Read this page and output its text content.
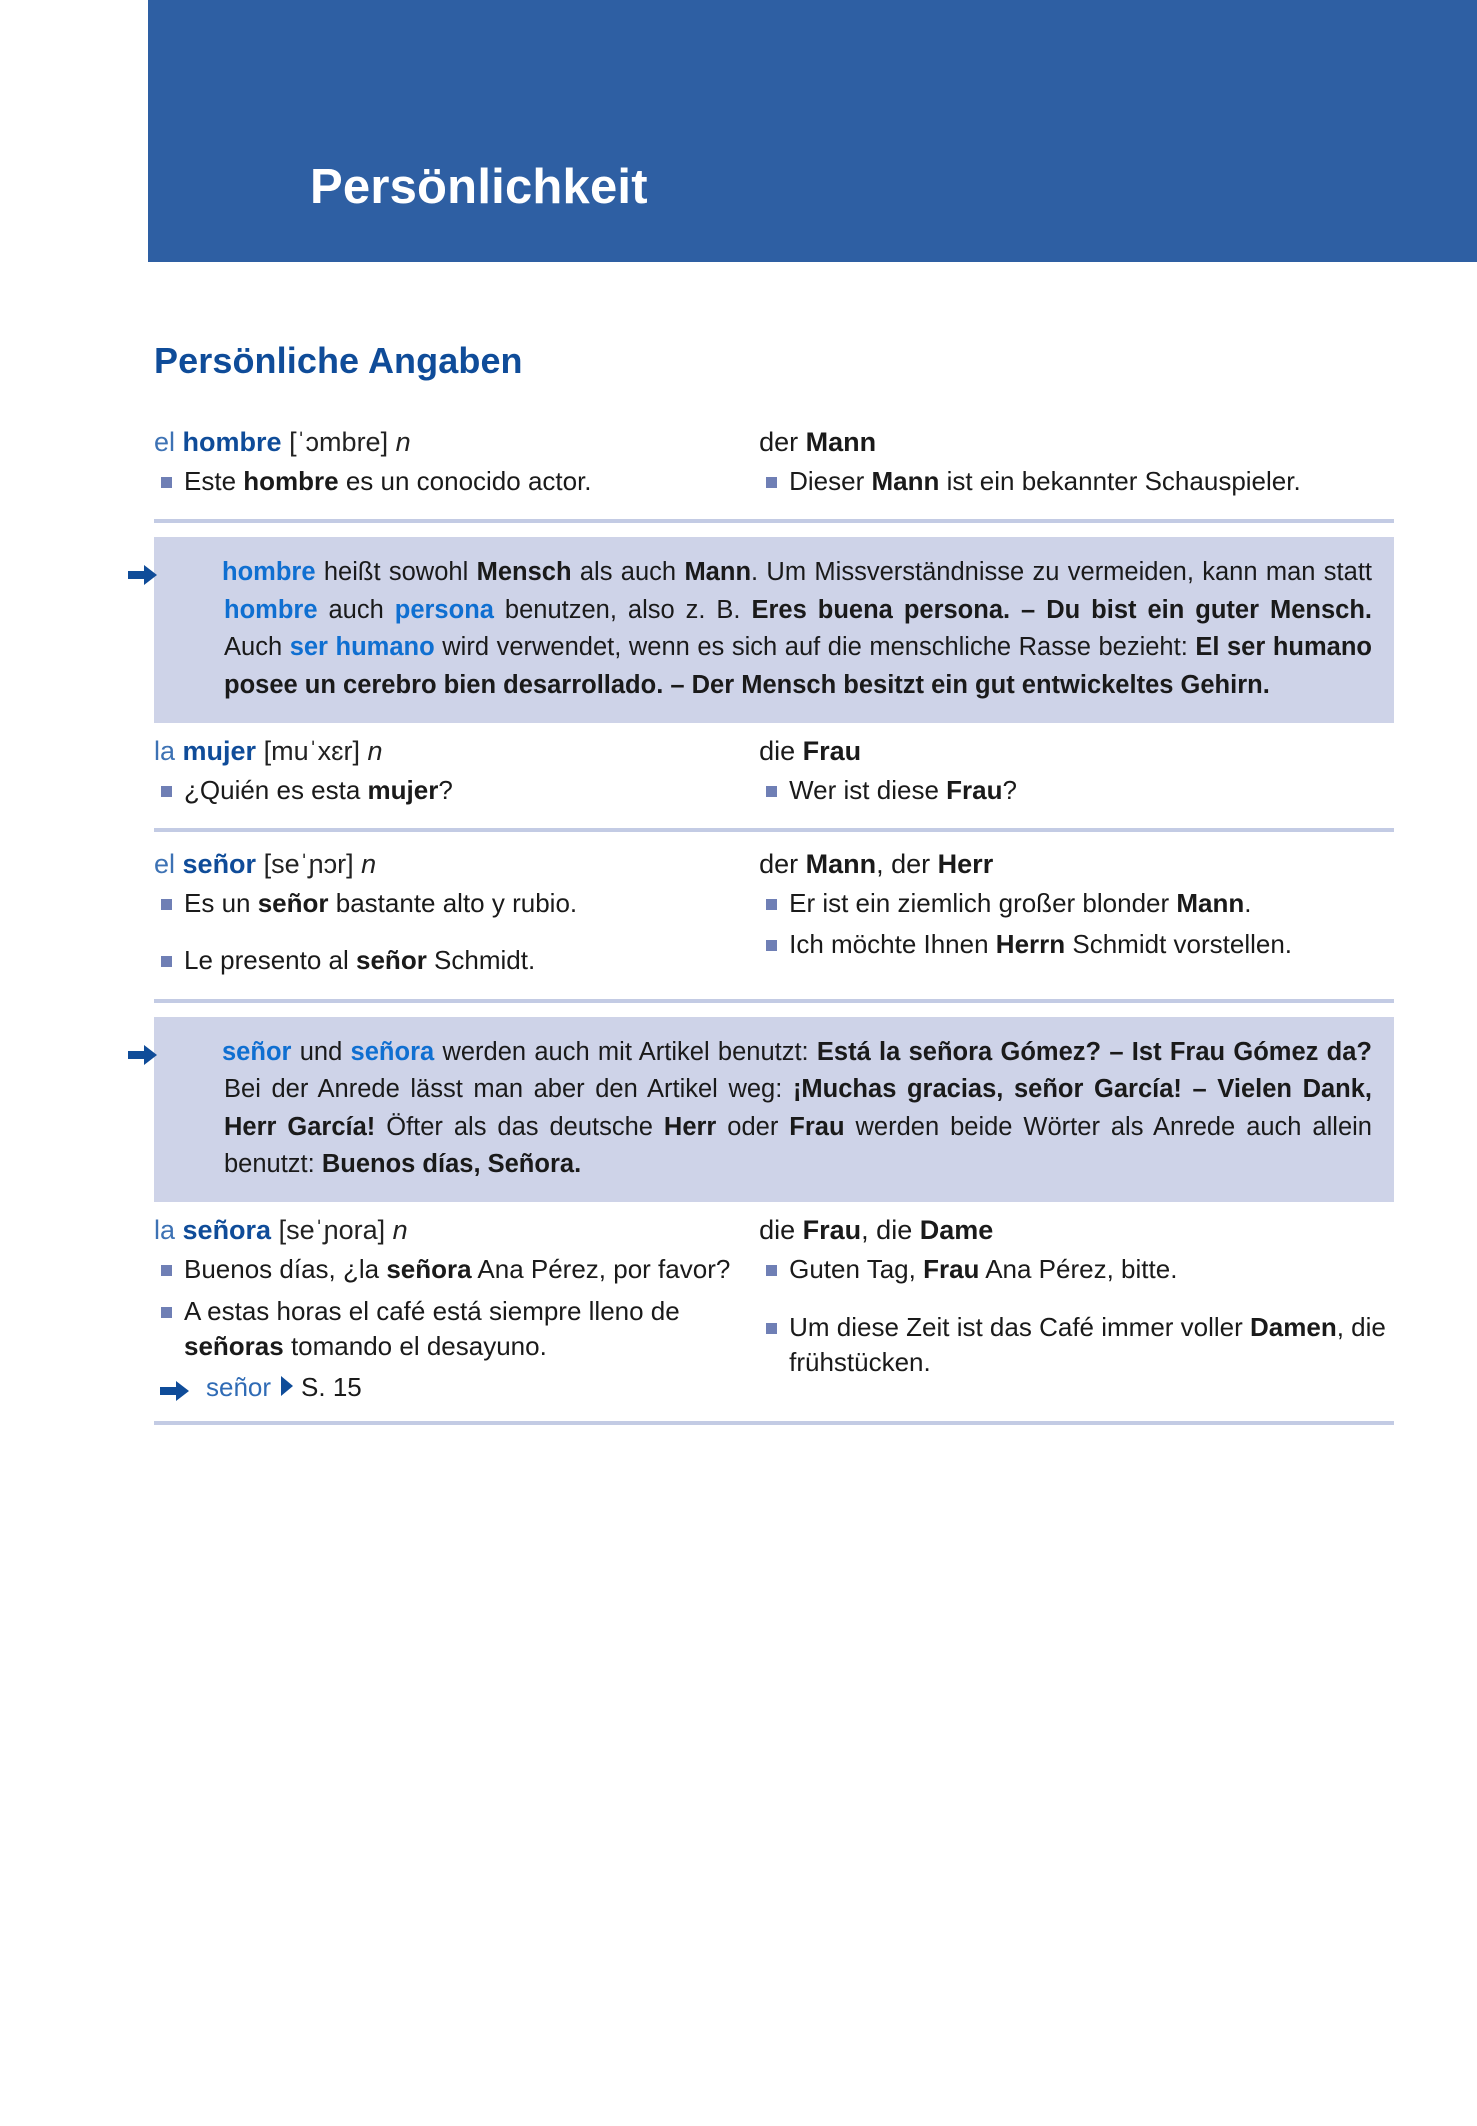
Persönlichkeit
Persönliche Angaben
el hombre [ˈɔmbre] n
Este hombre es un conocido actor.
der Mann
Dieser Mann ist ein bekannter Schauspieler.
hombre heißt sowohl Mensch als auch Mann. Um Missverständnisse zu vermeiden, kann man statt hombre auch persona benutzen, also z. B. Eres buena persona. – Du bist ein guter Mensch. Auch ser humano wird verwendet, wenn es sich auf die menschliche Rasse bezieht: El ser humano posee un cerebro bien desarrollado. – Der Mensch besitzt ein gut entwickeltes Gehirn.
la mujer [muˈxɛr] n
¿Quién es esta mujer?
die Frau
Wer ist diese Frau?
el señor [seˈɲɔr] n
Es un señor bastante alto y rubio.
Le presento al señor Schmidt.
der Mann, der Herr
Er ist ein ziemlich großer blonder Mann.
Ich möchte Ihnen Herrn Schmidt vorstellen.
señor und señora werden auch mit Artikel benutzt: Está la señora Gómez? – Ist Frau Gómez da? Bei der Anrede lässt man aber den Artikel weg: ¡Muchas gracias, señor García! – Vielen Dank, Herr García! Öfter als das deutsche Herr oder Frau werden beide Wörter als Anrede auch allein benutzt: Buenos días, Señora.
la señora [seˈɲora] n
Buenos días, ¿la señora Ana Pérez, por favor?
A estas horas el café está siempre lleno de señoras tomando el desayuno.
señor S. 15
die Frau, die Dame
Guten Tag, Frau Ana Pérez, bitte.
Um diese Zeit ist das Café immer voller Damen, die frühstücken.
